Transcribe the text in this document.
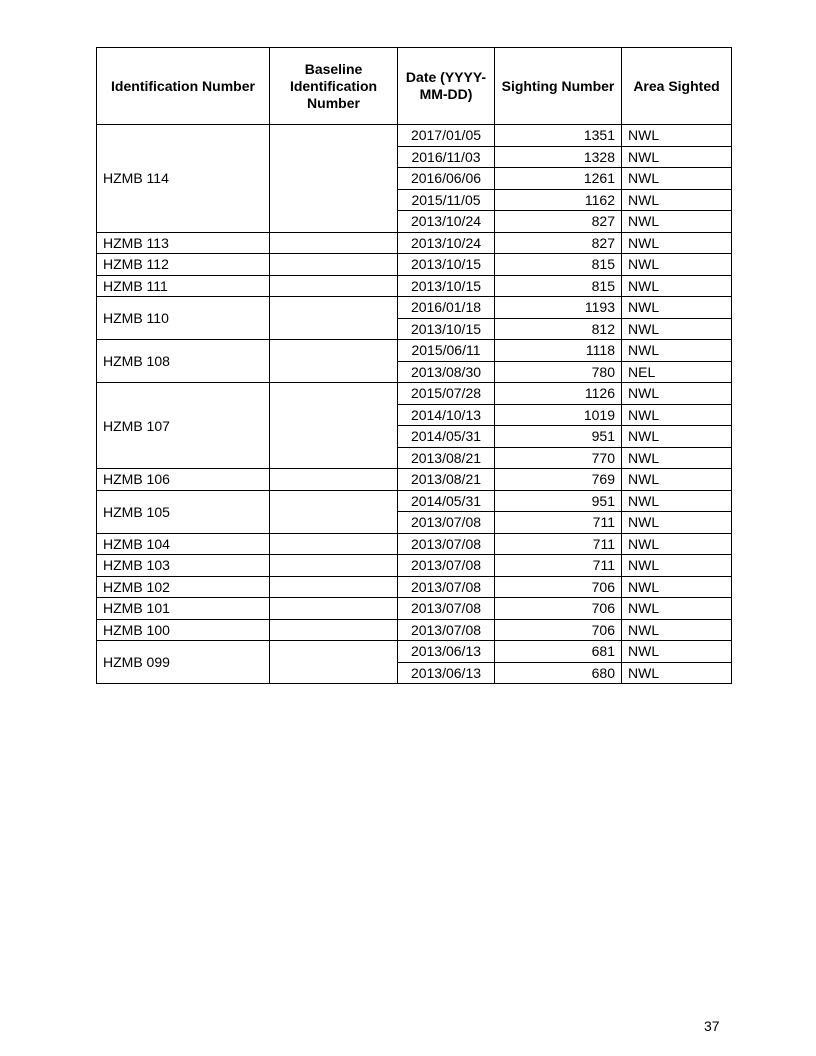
Identification Number	Baseline Identification Number	Date (YYYY-MM-DD)	Sighting Number	Area Sighted
HZMB 114		2017/01/05	1351	NWL
		2016/11/03	1328	NWL
		2016/06/06	1261	NWL
		2015/11/05	1162	NWL
		2013/10/24	827	NWL
HZMB 113		2013/10/24	827	NWL
HZMB 112		2013/10/15	815	NWL
HZMB 111		2013/10/15	815	NWL
HZMB 110		2016/01/18	1193	NWL
		2013/10/15	812	NWL
HZMB 108		2015/06/11	1118	NWL
		2013/08/30	780	NEL
HZMB 107		2015/07/28	1126	NWL
		2014/10/13	1019	NWL
		2014/05/31	951	NWL
		2013/08/21	770	NWL
HZMB 106		2013/08/21	769	NWL
HZMB 105		2014/05/31	951	NWL
		2013/07/08	711	NWL
HZMB 104		2013/07/08	711	NWL
HZMB 103		2013/07/08	711	NWL
HZMB 102		2013/07/08	706	NWL
HZMB 101		2013/07/08	706	NWL
HZMB 100		2013/07/08	706	NWL
HZMB 099		2013/06/13	681	NWL
		2013/06/13	680	NWL
37
